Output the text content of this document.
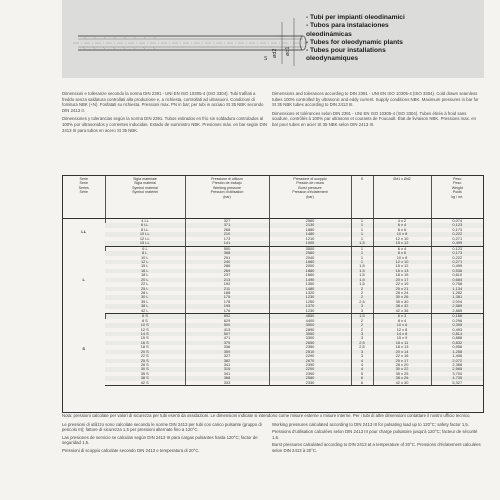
ød2 ød1
S
- Tubi per impianti oleodinamici
- Tubos para instalaciones
oleodinámicas
- Tubes for oleodynamic plants
- Tubes pour installations
oleodynamiques

Dimensioni e tolleranze secondo la norma DIN 2391 - UNI EN ISO 10305-4 (ISO 3304). Tubi trafilati a freddo senza saldatura controllati alla produzione e, a richiesta, controllati ad ultrasuoni. Condizioni di fornitura NBK (+N). Fosfatati su richiesta. Pressioni max. PN in bar; per tubi in acciaio St 35 NBK secondo DIN 2413 II.

Dimensiones y tolerancias según la norma DIN 2391. Tubos estirados en frío sin soldadura controlados al 100% por ultrasonidos y corrientes inducidas. Estado de suministro NBK. Presiones máx. en bar según DIN 2413 III para tubos en acero St 35 NBK.

Dimensions and tolerances according to DIN 2391 - UNI EN ISO 10305-4 (ISO 3304). Cold drawn seamless tubes 100% controlled by ultrasonic and eddy current. Supply conditions NBK. Maximum pressures in bar for St 35 NBK tubes according to DIN 2413 III.

Dimensions et tolérances selon DIN 2391 - UNI EN ISO 10305-4 (ISO 3304). Tubes étirés à froid sans soudure, contrôlés à 100% par ultrasons et courants de Foucault. État de livraison NBK. Pressions max. en bar pour tubes en acier St 35 NBK selon DIN 2413 III.

Serie
Serie
Series
Série	Sigla materiale
Sigla material
Symbol material
Symbol matériel	Pressione di utilizzo
Presión de trabajo
Working pressure
Pression d'utilisation
(bar)	Pressione di scoppio
Presión de rotura
Burst pressure
Pression d'éclatement
(bar)	S	Ød1 x Ød2	Peso
Peso
Weight
Poids
kg / mt.
LL	4 LL	327	2560	1	4 x 2	0,074
	6 LL	371	2130	1	6 x 4	0,123
	8 LL	268	1880	1	8 x 6	0,173
	10 LL	210	1480	1	10 x 8	0,222
	12 LL	173	1210	1	12 x 10	0,271
	15 LL	141	1000	1,5	15 x 12	0,499
L	6 L	500	3500	1	6 x 4	0,123
	8 L	368	2580	1	8 x 6	0,173
	10 L	291	2040	1	10 x 8	0,222
	12 L	240	1680	1	12 x 10	0,271
	15 L	286	2000	1,5	15 x 12	0,499
	16 L	269	1880	1,5	16 x 13	0,536
	18 L	237	1660	1,5	18 x 15	0,610
	20 L	213	1490	1,5	20 x 17	0,684
	22 L	192	1350	1,5	22 x 19	0,758
	25 L	211	1480	2	25 x 21	1,134
	28 L	188	1320	2	28 x 24	1,282
	30 L	175	1230	2	30 x 26	1,381
	35 L	178	1250	2,5	35 x 30	2,004
	38 L	195	1370	3	38 x 32	2,589
	42 L	176	1230	3	42 x 36	2,885
S	6 S	692	4850	1,5	6 x 3	0,166
	8 S	629	4400	2	8 x 4	0,296
	10 S	500	3500	2	10 x 6	0,395
	12 S	413	2890	2	12 x 8	0,493
	14 S	507	3550	3	14 x 8	0,814
	15 S	471	3300	3	15 x 9	0,888
	16 S	379	2650	2,5	16 x 11	0,832
	18 S	336	2350	2,5	18 x 13	0,956
	20 S	359	2510	3	20 x 14	1,258
	22 S	327	2290	3	22 x 16	1,406
	25 S	382	2670	4	25 x 17	2,072
	28 S	341	2390	4	28 x 20	2,368
	30 S	315	2200	4	30 x 22	2,565
	35 S	341	2390	5	35 x 25	3,700
	38 S	368	2580	6	38 x 26	4,735
	42 S	333	2330	6	42 x 30	5,327

Nota: pressioni calcolate per valori di sicurezza per tubi esenti da ossidazioni. Le dimensioni indicate si intendono come misure esterne x misure interne. Per i tubi di altre dimensioni contattare il nostro ufficio tecnico.

Le pressioni di utilizzo sono calcolate secondo le norme DIN 2413 per tubi con carico pulsante (gruppo di pericolo III); fattore di sicurezza 1,5 per pressioni alternate fino a 120°C.

Las presiones de servicio se calculan según DIN 2413 III para cargas pulsantes hasta 120°C; factor de seguridad 1,5.

Pressioni di scoppio calcolate secondo DIN 2413 e temperatura di 20°C.

Working pressures calculated according to DIN 2413 III for pulsating load up to 120°C; safety factor 1,5.

Pressions d'utilisation calculées selon DIN 2413 III pour charge pulsatoire jusqu'à 120°C; facteur de sécurité 1,5.

Burst pressures calculated according to DIN 2413 at a temperature of 20°C. Pressions d'éclatement calculées selon DIN 2413 à 20°C.
